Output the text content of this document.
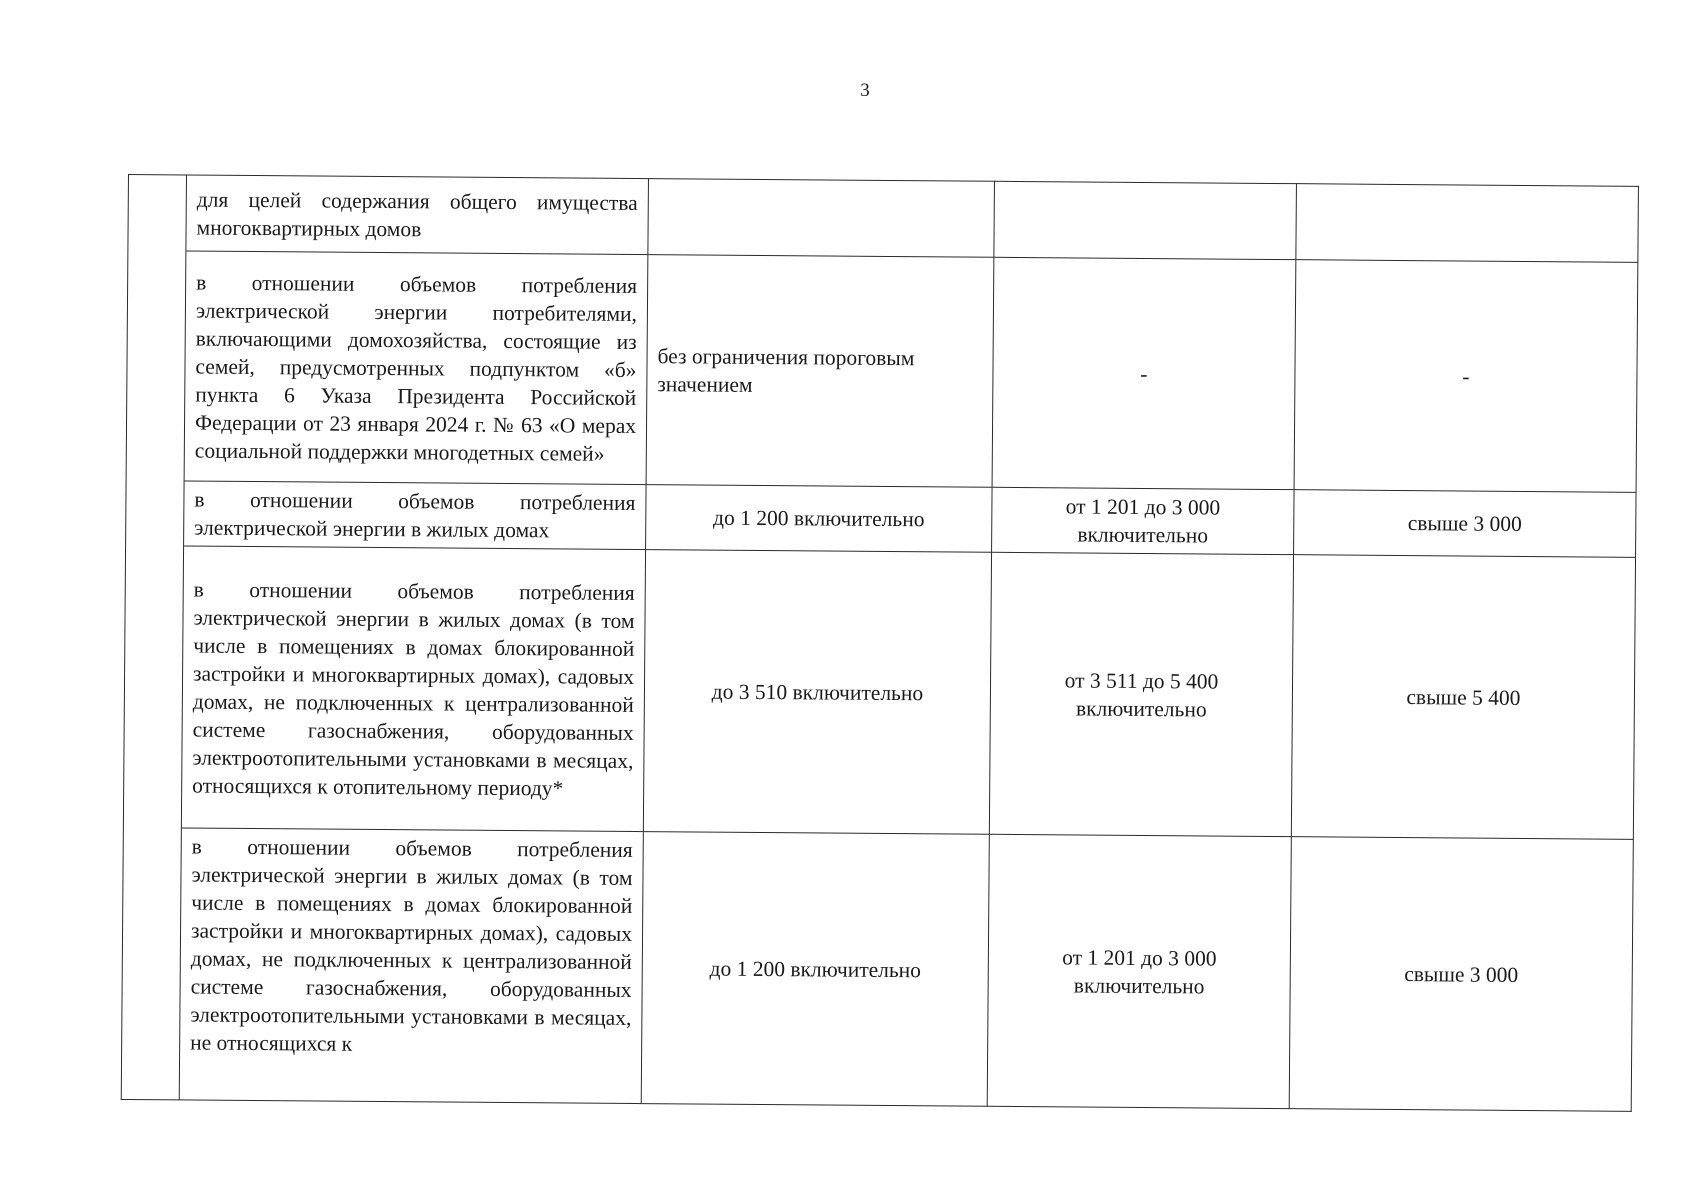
3
	для целей содержания общего имущества многоквартирных домов			
	в отношении объемов потребления электрической энергии потребителями, включающими домохозяйства, состоящие из семей, предусмотренных подпунктом «б» пункта 6 Указа Президента Российской Федерации от 23 января 2024 г. № 63 «О мерах социальной поддержки многодетных семей»	без ограничения пороговым значением	-	-
	в отношении объемов потребления электрической энергии в жилых домах	до 1 200 включительно	от 1 201 до 3 000 включительно	свыше 3 000
	в отношении объемов потребления электрической энергии в жилых домах (в том числе в помещениях в домах блокированной застройки и многоквартирных домах), садовых домах, не подключенных к централизованной системе газоснабжения, оборудованных электроотопительными установками в месяцах, относящихся к отопительному периоду*	до 3 510 включительно	от 3 511 до 5 400 включительно	свыше 5 400
	в отношении объемов потребления электрической энергии в жилых домах (в том числе в помещениях в домах блокированной застройки и многоквартирных домах), садовых домах, не подключенных к централизованной системе газоснабжения, оборудованных электроотопительными установками в месяцах, не относящихся к	до 1 200 включительно	от 1 201 до 3 000 включительно	свыше 3 000
